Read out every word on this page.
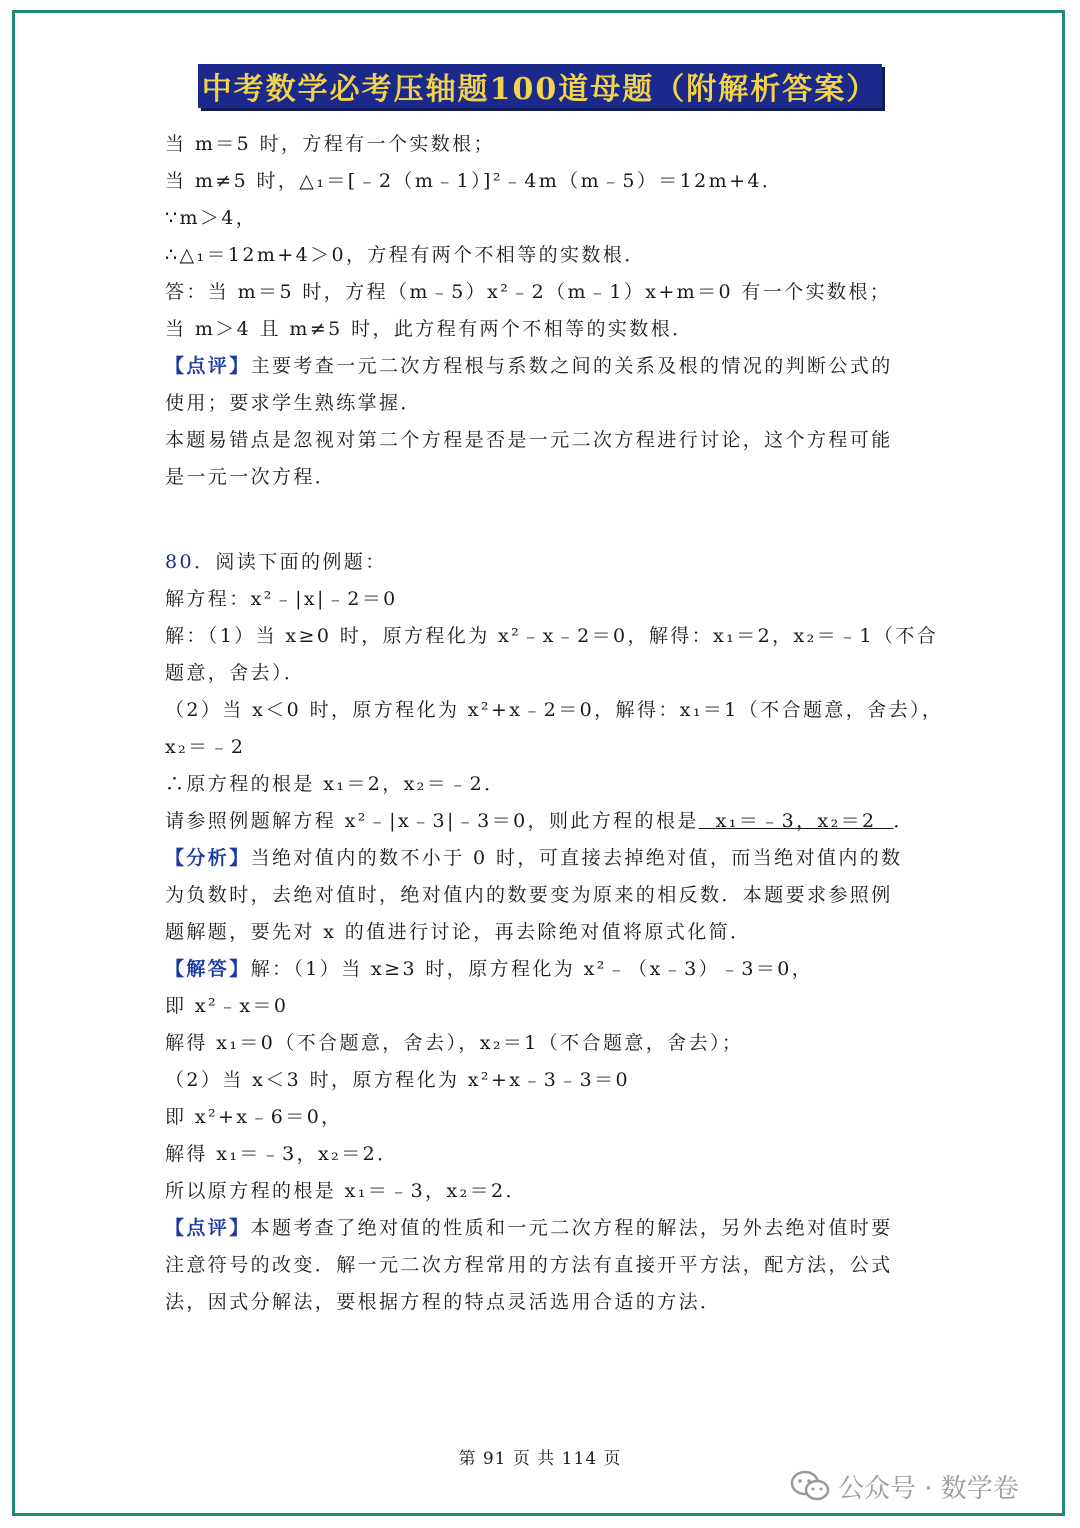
中考数学必考压轴题100道母题（附解析答案）
当 m＝5 时，方程有一个实数根；
当 m≠5 时，△₁＝[﹣2（m﹣1）]²﹣4m（m﹣5）＝12m+4．
∵m＞4，
∴△₁＝12m+4＞0，方程有两个不相等的实数根．
答：当 m＝5 时，方程（m﹣5）x²﹣2（m﹣1）x+m＝0 有一个实数根；
当 m＞4 且 m≠5 时，此方程有两个不相等的实数根．
【点评】主要考查一元二次方程根与系数之间的关系及根的情况的判断公式的
使用；要求学生熟练掌握．
本题易错点是忽视对第二个方程是否是一元二次方程进行讨论，这个方程可能
是一元一次方程．
80．阅读下面的例题：
解方程：x²﹣|x|﹣2＝0
解：（1）当 x≥0 时，原方程化为 x²﹣x﹣2＝0，解得：x₁＝2，x₂＝﹣1（不合
题意，舍去）．
（2）当 x＜0 时，原方程化为 x²+x﹣2＝0，解得：x₁＝1（不合题意，舍去），
x₂＝﹣2
∴原方程的根是 x₁＝2，x₂＝﹣2．
请参照例题解方程 x²﹣|x﹣3|﹣3＝0，则此方程的根是 x₁＝﹣3，x₂＝2 ．
【分析】当绝对值内的数不小于 0 时，可直接去掉绝对值，而当绝对值内的数
为负数时，去绝对值时，绝对值内的数要变为原来的相反数．本题要求参照例
题解题，要先对 x 的值进行讨论，再去除绝对值将原式化简．
【解答】解：（1）当 x≥3 时，原方程化为 x²﹣（x﹣3）﹣3＝0，
即 x²﹣x＝0
解得 x₁＝0（不合题意，舍去），x₂＝1（不合题意，舍去）；
（2）当 x＜3 时，原方程化为 x²+x﹣3﹣3＝0
即 x²+x﹣6＝0，
解得 x₁＝﹣3，x₂＝2．
所以原方程的根是 x₁＝﹣3，x₂＝2．
【点评】本题考查了绝对值的性质和一元二次方程的解法，另外去绝对值时要
注意符号的改变．解一元二次方程常用的方法有直接开平方法，配方法，公式
法，因式分解法，要根据方程的特点灵活选用合适的方法．
第 91 页 共 114 页
公众号 · 数学卷
